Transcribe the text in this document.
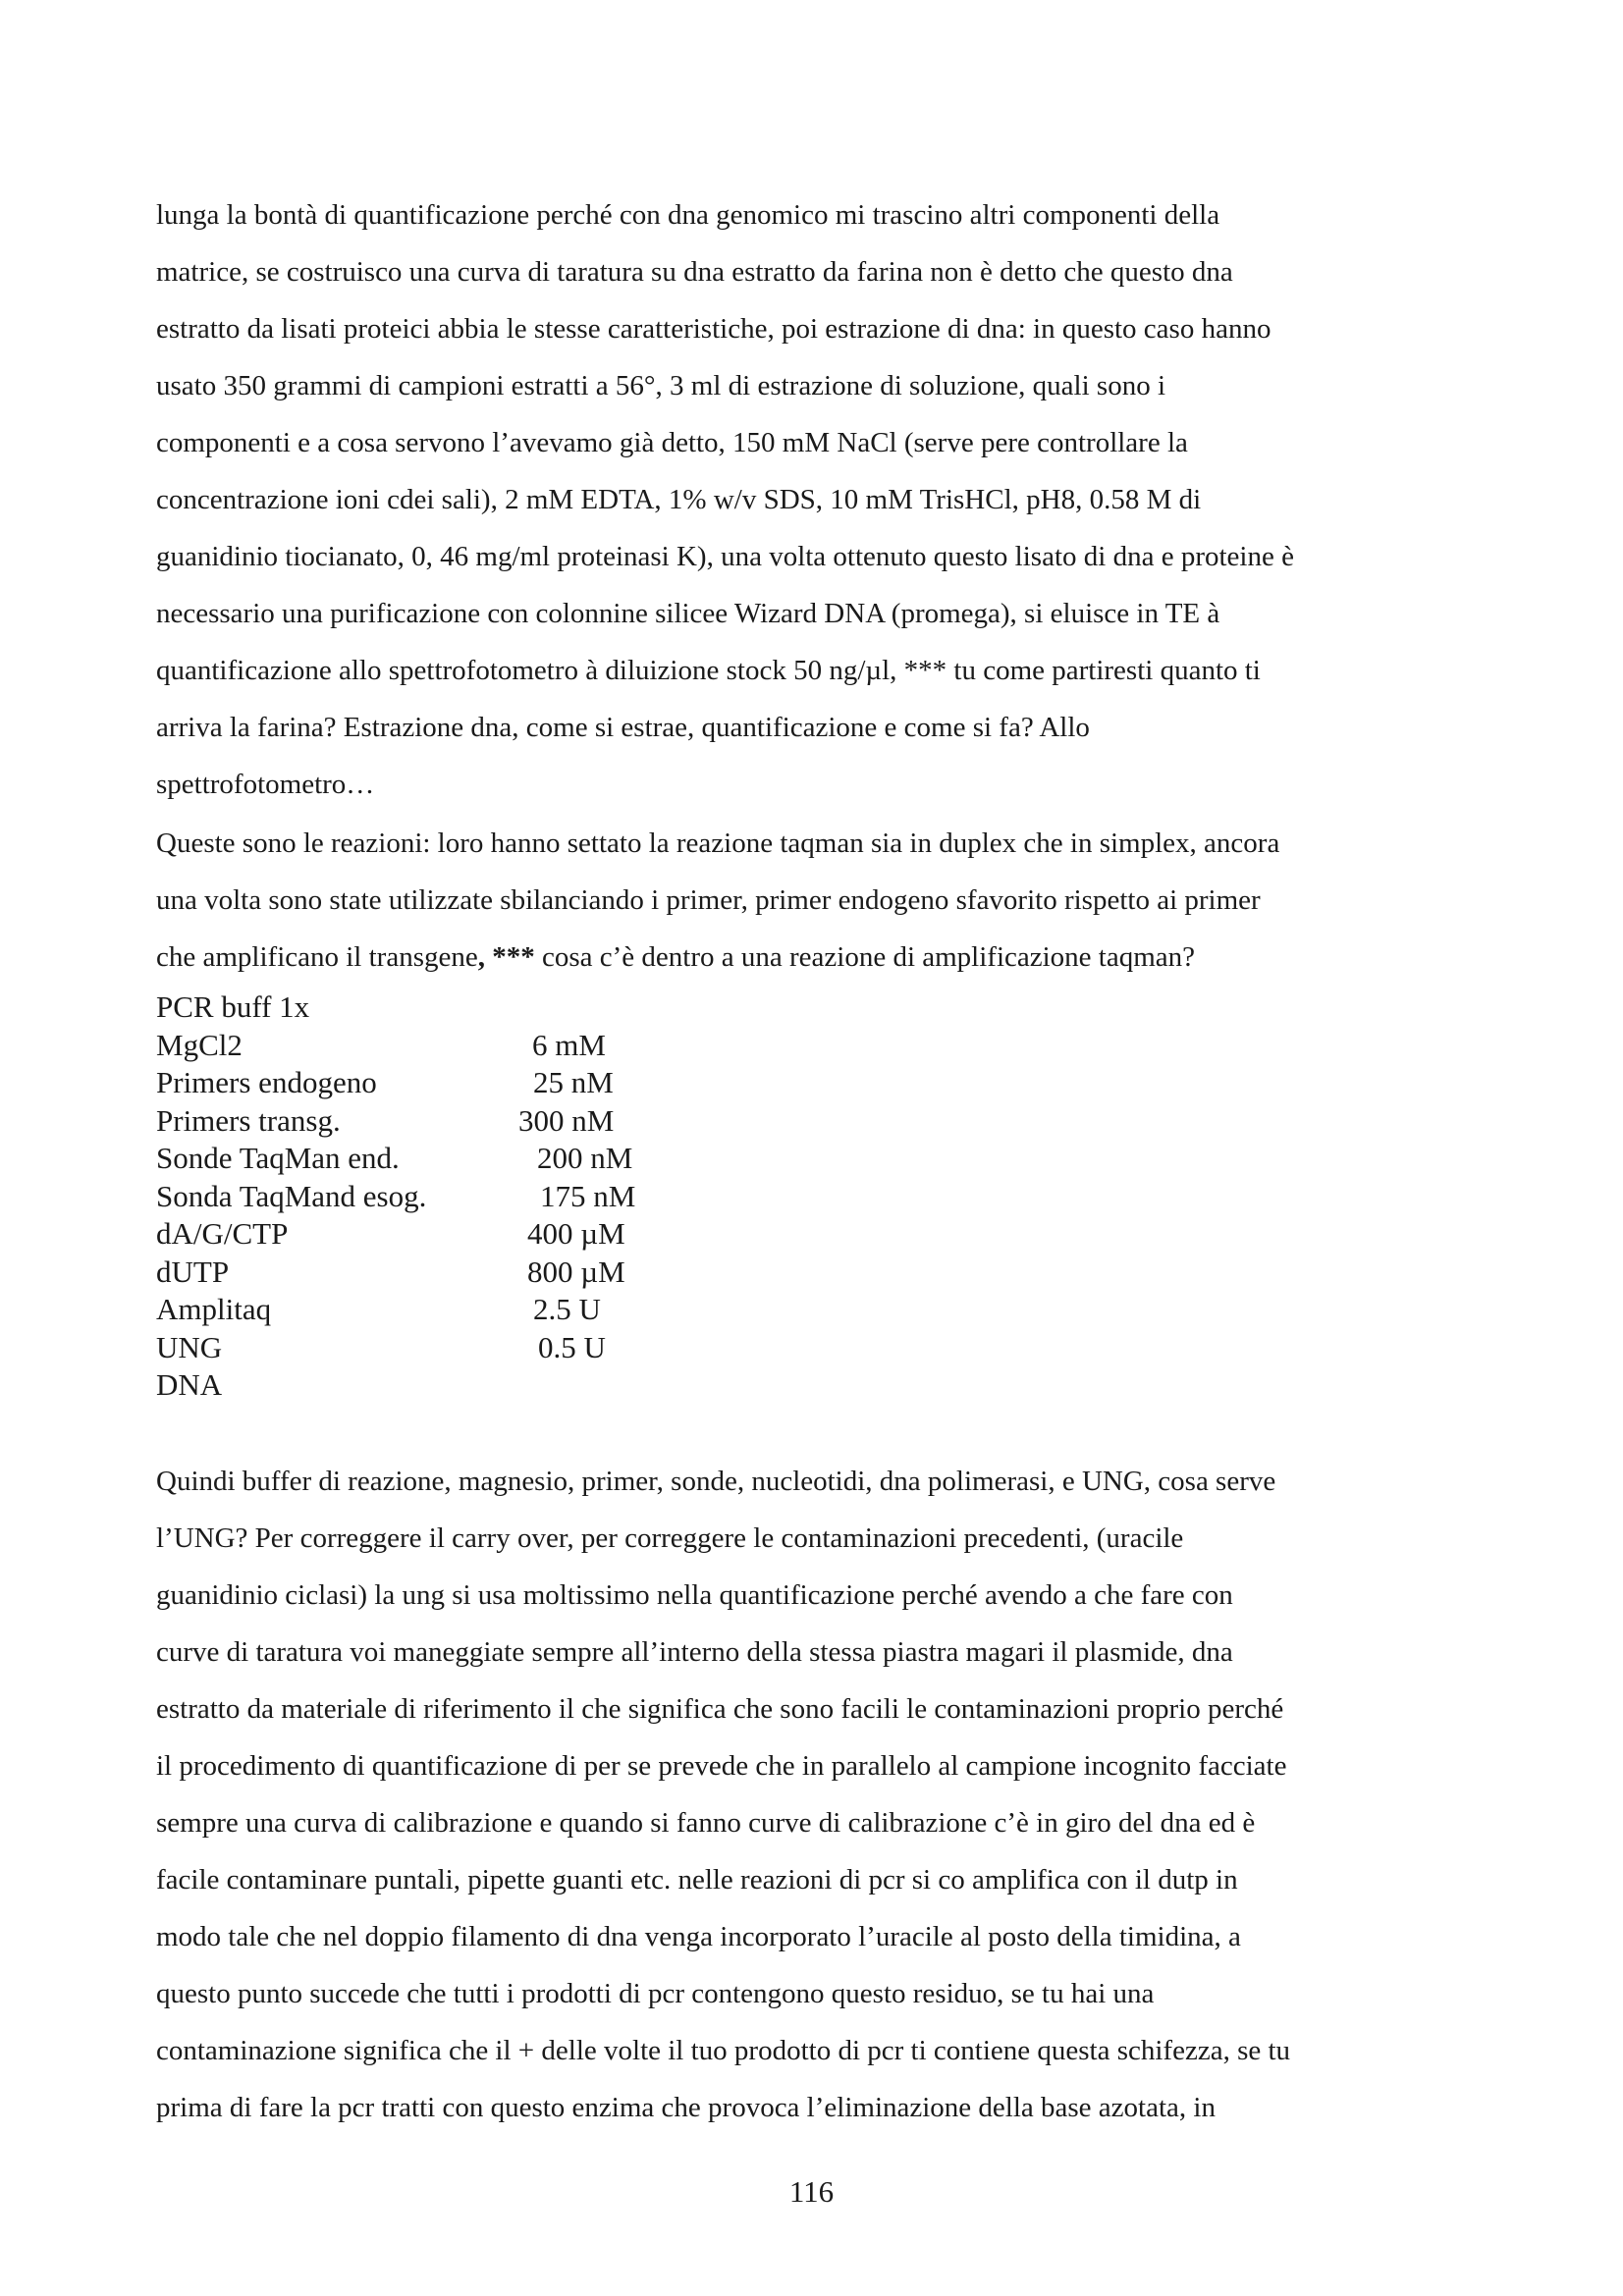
lunga la bontà di quantificazione perché con dna genomico mi trascino altri componenti della
matrice, se costruisco una curva di taratura su dna estratto da farina non è detto che questo dna
estratto da lisati proteici abbia le stesse caratteristiche, poi estrazione di dna: in questo caso hanno
usato 350 grammi di campioni estratti a 56°, 3 ml di estrazione di soluzione, quali sono i
componenti e a cosa servono l’avevamo già detto, 150 mM NaCl (serve pere controllare la
concentrazione ioni cdei sali), 2 mM EDTA, 1% w/v SDS, 10 mM TrisHCl, pH8, 0.58 M di
guanidinio tiocianato, 0, 46 mg/ml proteinasi K), una volta ottenuto questo lisato di dna e proteine è
necessario una purificazione con colonnine silicee Wizard DNA (promega), si eluisce in TE à
quantificazione allo spettrofotometro à diluizione stock 50 ng/µl, *** tu come partiresti quanto ti
arriva la farina? Estrazione dna, come si estrae, quantificazione e come si fa? Allo
spettrofotometro…
Queste sono le reazioni: loro hanno settato la reazione taqman sia in duplex che in simplex, ancora
una volta sono state utilizzate sbilanciando i primer, primer endogeno sfavorito rispetto ai primer
che amplificano il transgene, *** cosa c’è dentro a una reazione di amplificazione taqman?
PCR buff 1x
MgCl2	6 mM
Primers endogeno	25 nM
Primers transg.	300 nM
Sonde TaqMan end.	200 nM
Sonda TaqMand esog.	175 nM
dA/G/CTP	400 µM
dUTP	800 µM
Amplitaq	2.5 U
UNG	0.5 U
DNA
Quindi buffer di reazione, magnesio, primer, sonde, nucleotidi, dna polimerasi, e UNG, cosa serve
l’UNG? Per correggere il carry over, per correggere le contaminazioni precedenti, (uracile
guanidinio ciclasi) la ung si usa moltissimo nella quantificazione perché avendo a che fare con
curve di taratura voi maneggiate sempre all’interno della stessa piastra magari il plasmide, dna
estratto da materiale di riferimento il che significa che sono facili le contaminazioni proprio perché
il procedimento di quantificazione di per se prevede che in parallelo al campione incognito facciate
sempre una curva di calibrazione e quando si fanno curve di calibrazione c’è in giro del dna ed è
facile contaminare puntali, pipette guanti etc. nelle reazioni di pcr si co amplifica con il dutp in
modo tale che nel doppio filamento di dna venga incorporato l’uracile al posto della timidina, a
questo punto succede che tutti i prodotti di pcr contengono questo residuo, se tu hai una
contaminazione significa che il + delle volte il tuo prodotto di pcr ti contiene questa schifezza, se tu
prima di fare la pcr tratti con questo enzima che provoca l’eliminazione della base azotata, in
116
